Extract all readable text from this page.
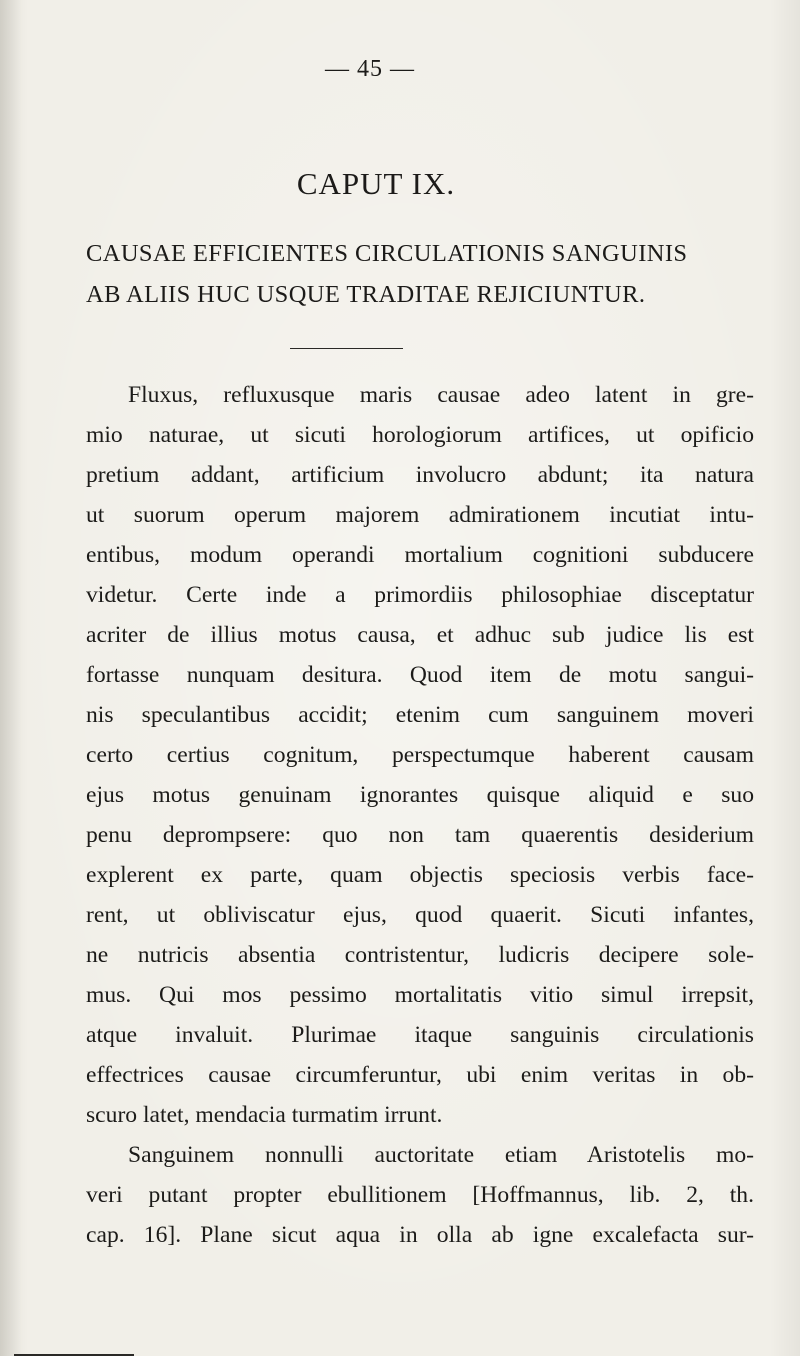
— 45 —
CAPUT IX.
CAUSAE EFFICIENTES CIRCULATIONIS SANGUINIS
AB ALIIS HUC USQUE TRADITAE REJICIUNTUR.
Fluxus, refluxusque maris causae adeo latent in gre-
mio naturae, ut sicuti horologiorum artifices, ut opificio
pretium addant, artificium involucro abdunt; ita natura
ut suorum operum majorem admirationem incutiat intu-
entibus, modum operandi mortalium cognitioni subducere
videtur. Certe inde a primordiis philosophiae disceptatur
acriter de illius motus causa, et adhuc sub judice lis est
fortasse nunquam desitura. Quod item de motu sangui-
nis speculantibus accidit; etenim cum sanguinem moveri
certo certius cognitum, perspectumque haberent causam
ejus motus genuinam ignorantes quisque aliquid e suo
penu deprompsere: quo non tam quaerentis desiderium
explerent ex parte, quam objectis speciosis verbis face-
rent, ut obliviscatur ejus, quod quaerit. Sicuti infantes,
ne nutricis absentia contristentur, ludicris decipere sole-
mus. Qui mos pessimo mortalitatis vitio simul irrepsit,
atque invaluit. Plurimae itaque sanguinis circulationis
effectrices causae circumferuntur, ubi enim veritas in ob-
scuro latet, mendacia turmatim irrunt.
Sanguinem nonnulli auctoritate etiam Aristotelis mo-
veri putant propter ebullitionem [Hoffmannus, lib. 2, th.
cap. 16]. Plane sicut aqua in olla ab igne excalefacta sur-
